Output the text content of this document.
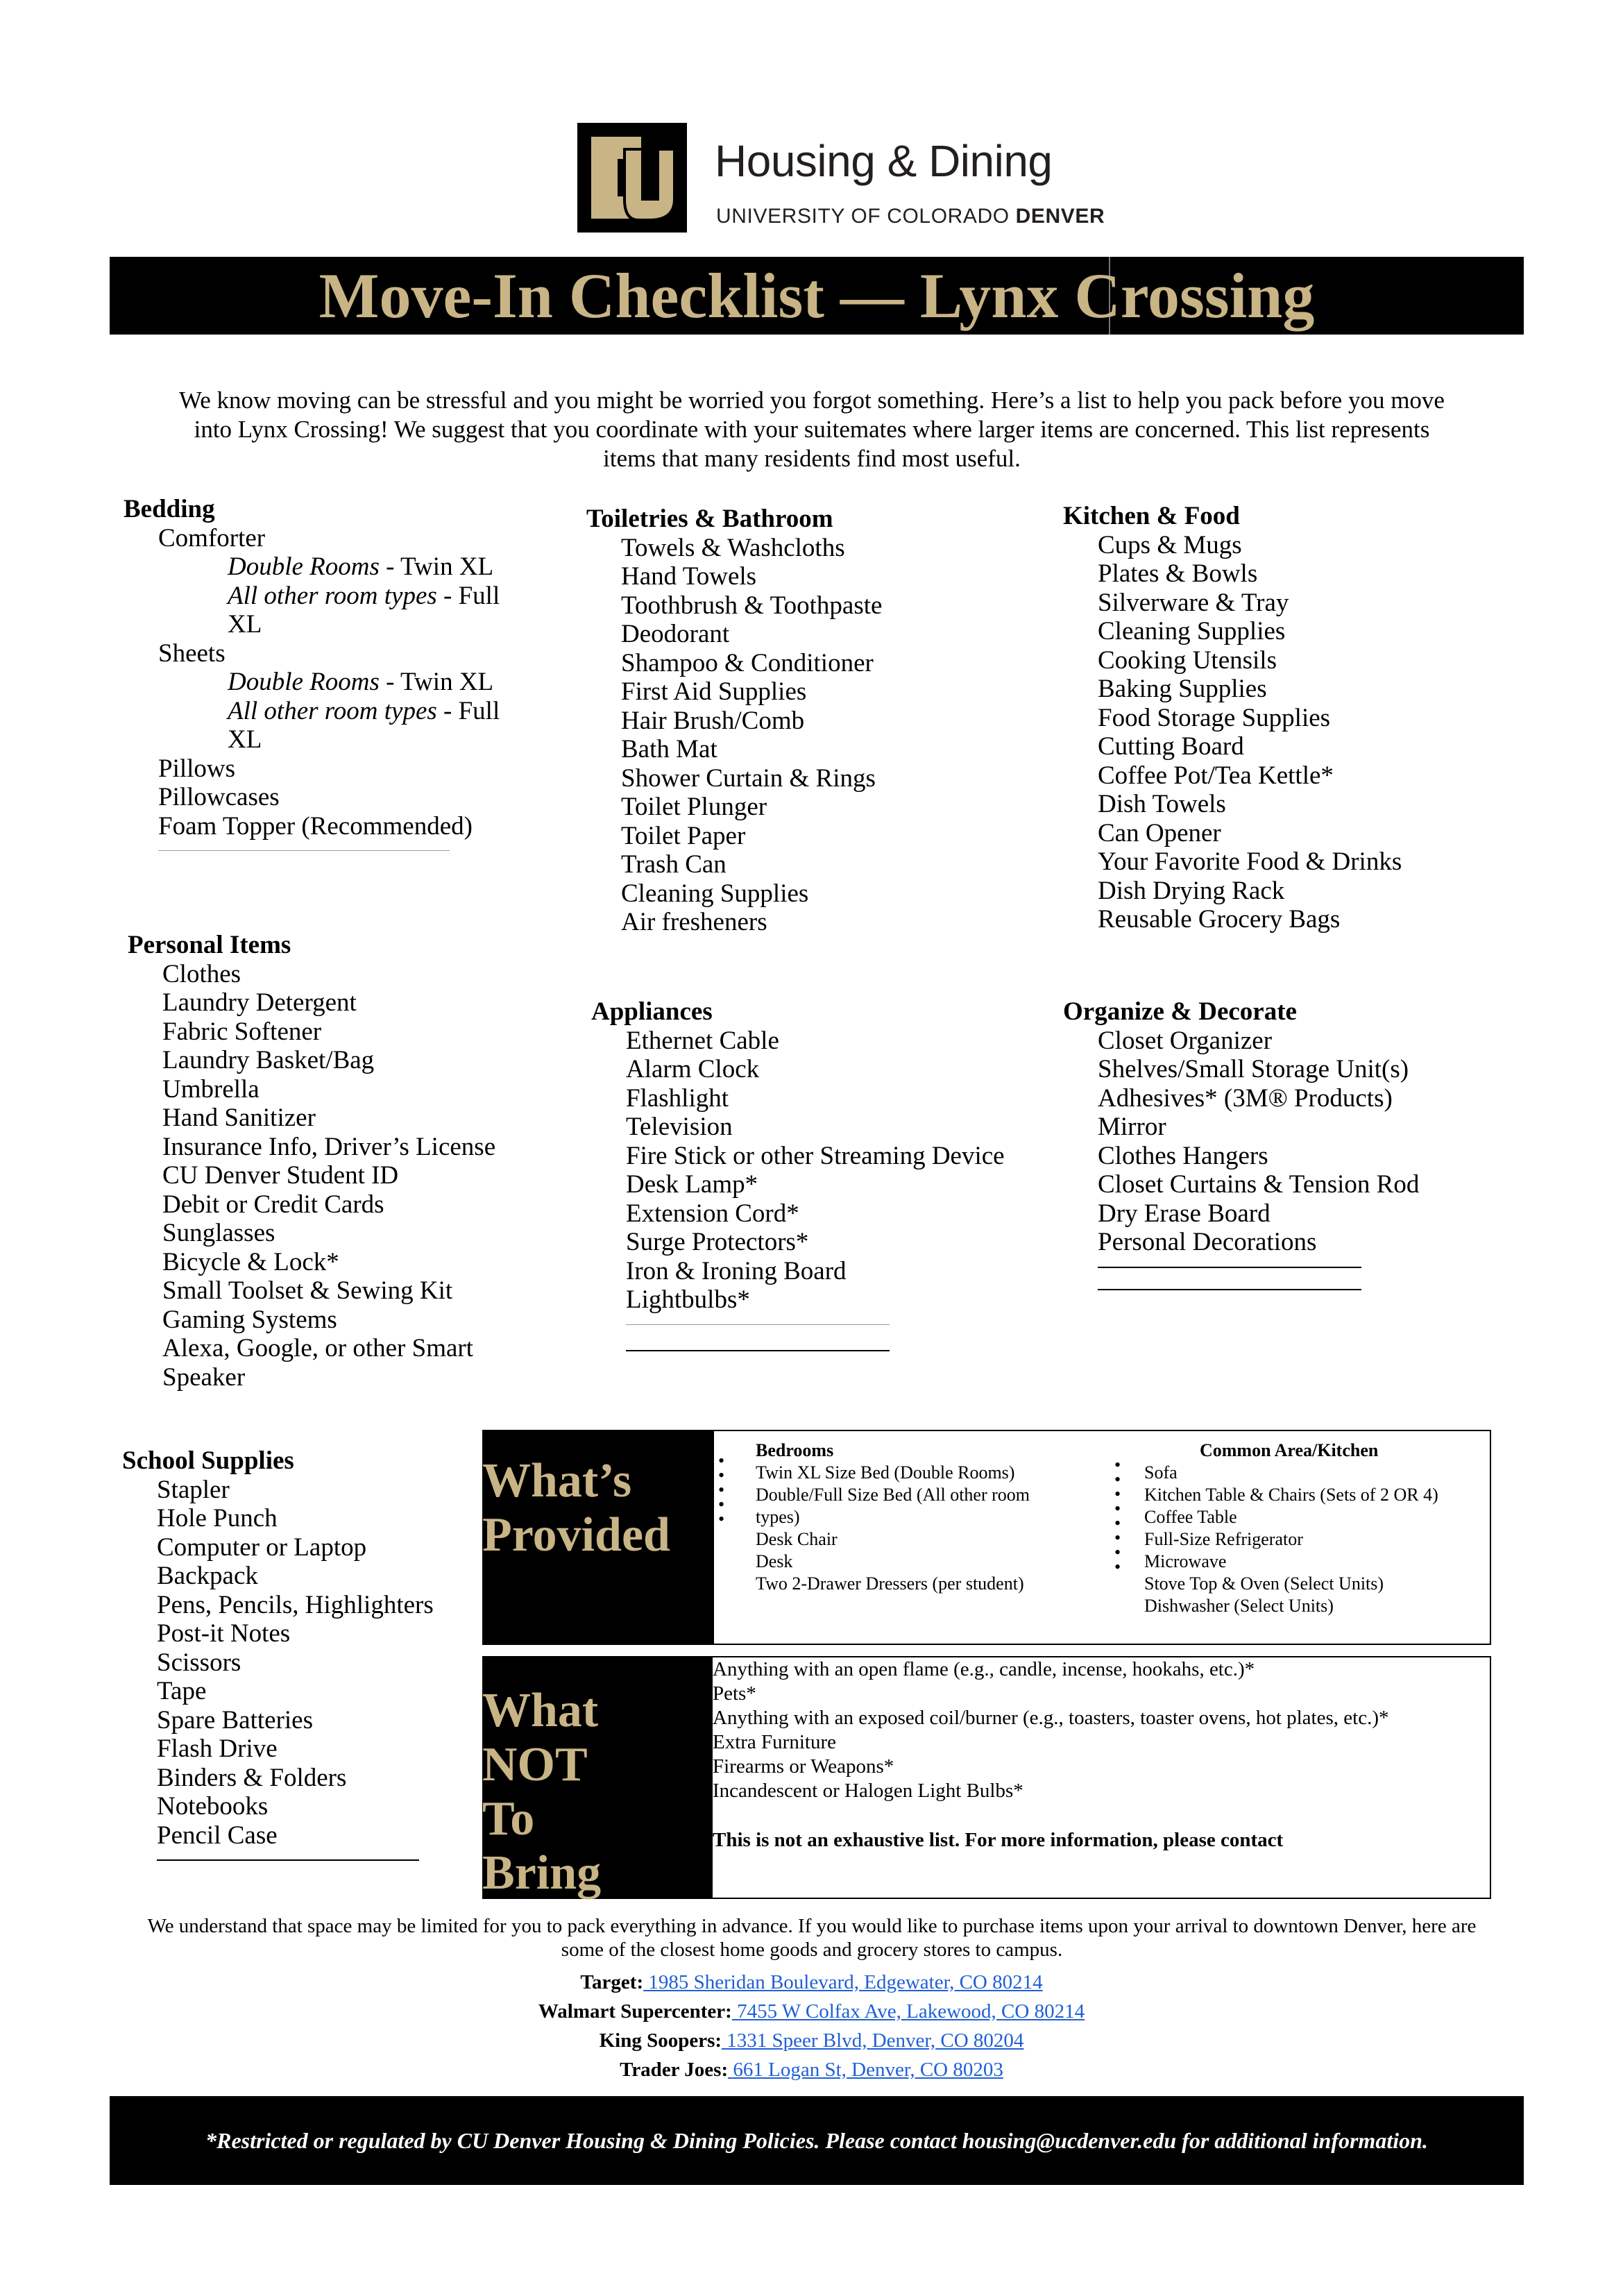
Housing & Dining
UNIVERSITY OF COLORADO DENVER
Move-In Checklist — Lynx Crossing
We know moving can be stressful and you might be worried you forgot something. Here’s a list to help you pack before you move into Lynx Crossing! We suggest that you coordinate with your suitemates where larger items are concerned. This list represents items that many residents find most useful.
Bedding
Comforter
Double Rooms - Twin XL
All other room types - Full
XL
Sheets
Double Rooms - Twin XL
All other room types - Full
XL
Pillows
Pillowcases
Foam Topper (Recommended)
Personal Items
Clothes
Laundry Detergent
Fabric Softener
Laundry Basket/Bag
Umbrella
Hand Sanitizer
Insurance Info, Driver’s License
CU Denver Student ID
Debit or Credit Cards
Sunglasses
Bicycle & Lock*
Small Toolset & Sewing Kit
Gaming Systems
Alexa, Google, or other Smart
Speaker
Toiletries & Bathroom
Towels & Washcloths
Hand Towels
Toothbrush & Toothpaste
Deodorant
Shampoo & Conditioner
First Aid Supplies
Hair Brush/Comb
Bath Mat
Shower Curtain & Rings
Toilet Plunger
Toilet Paper
Trash Can
Cleaning Supplies
Air fresheners
Appliances
Ethernet Cable
Alarm Clock
Flashlight
Television
Fire Stick or other Streaming Device
Desk Lamp*
Extension Cord*
Surge Protectors*
Iron & Ironing Board
Lightbulbs*
Kitchen & Food
Cups & Mugs
Plates & Bowls
Silverware & Tray
Cleaning Supplies
Cooking Utensils
Baking Supplies
Food Storage Supplies
Cutting Board
Coffee Pot/Tea Kettle*
Dish Towels
Can Opener
Your Favorite Food & Drinks
Dish Drying Rack
Reusable Grocery Bags
Organize & Decorate
Closet Organizer
Shelves/Small Storage Unit(s)
Adhesives* (3M® Products)
Mirror
Clothes Hangers
Closet Curtains & Tension Rod
Dry Erase Board
Personal Decorations
School Supplies
Stapler
Hole Punch
Computer or Laptop
Backpack
Pens, Pencils, Highlighters
Post-it Notes
Scissors
Tape
Spare Batteries
Flash Drive
Binders & Folders
Notebooks
Pencil Case
What’s
Provided
•
•
•
•
•
Bedrooms
Twin XL Size Bed (Double Rooms)
Double/Full Size Bed (All other room
types)
Desk Chair
Desk
Two 2-Drawer Dressers (per student)
Common Area/Kitchen
•
•
•
•
•
•
•
•
Sofa
Kitchen Table & Chairs (Sets of 2 OR 4)
Coffee Table
Full-Size Refrigerator
Microwave
Stove Top & Oven (Select Units)
Dishwasher (Select Units)
What NOT
To
Bring
Anything with an open flame (e.g., candle, incense, hookahs, etc.)*
Pets*
Anything with an exposed coil/burner (e.g., toasters, toaster ovens, hot plates, etc.)*
Extra Furniture
Firearms or Weapons*
Incandescent or Halogen Light Bulbs*
This is not an exhaustive list. For more information, please contact
We understand that space may be limited for you to pack everything in advance. If you would like to purchase items upon your arrival to downtown Denver, here are some of the closest home goods and grocery stores to campus.
Target: 1985 Sheridan Boulevard, Edgewater, CO 80214
Walmart Supercenter: 7455 W Colfax Ave, Lakewood, CO 80214
King Soopers: 1331 Speer Blvd, Denver, CO 80204
Trader Joes: 661 Logan St, Denver, CO 80203
*Restricted or regulated by CU Denver Housing & Dining Policies. Please contact housing@ucdenver.edu for additional information.
